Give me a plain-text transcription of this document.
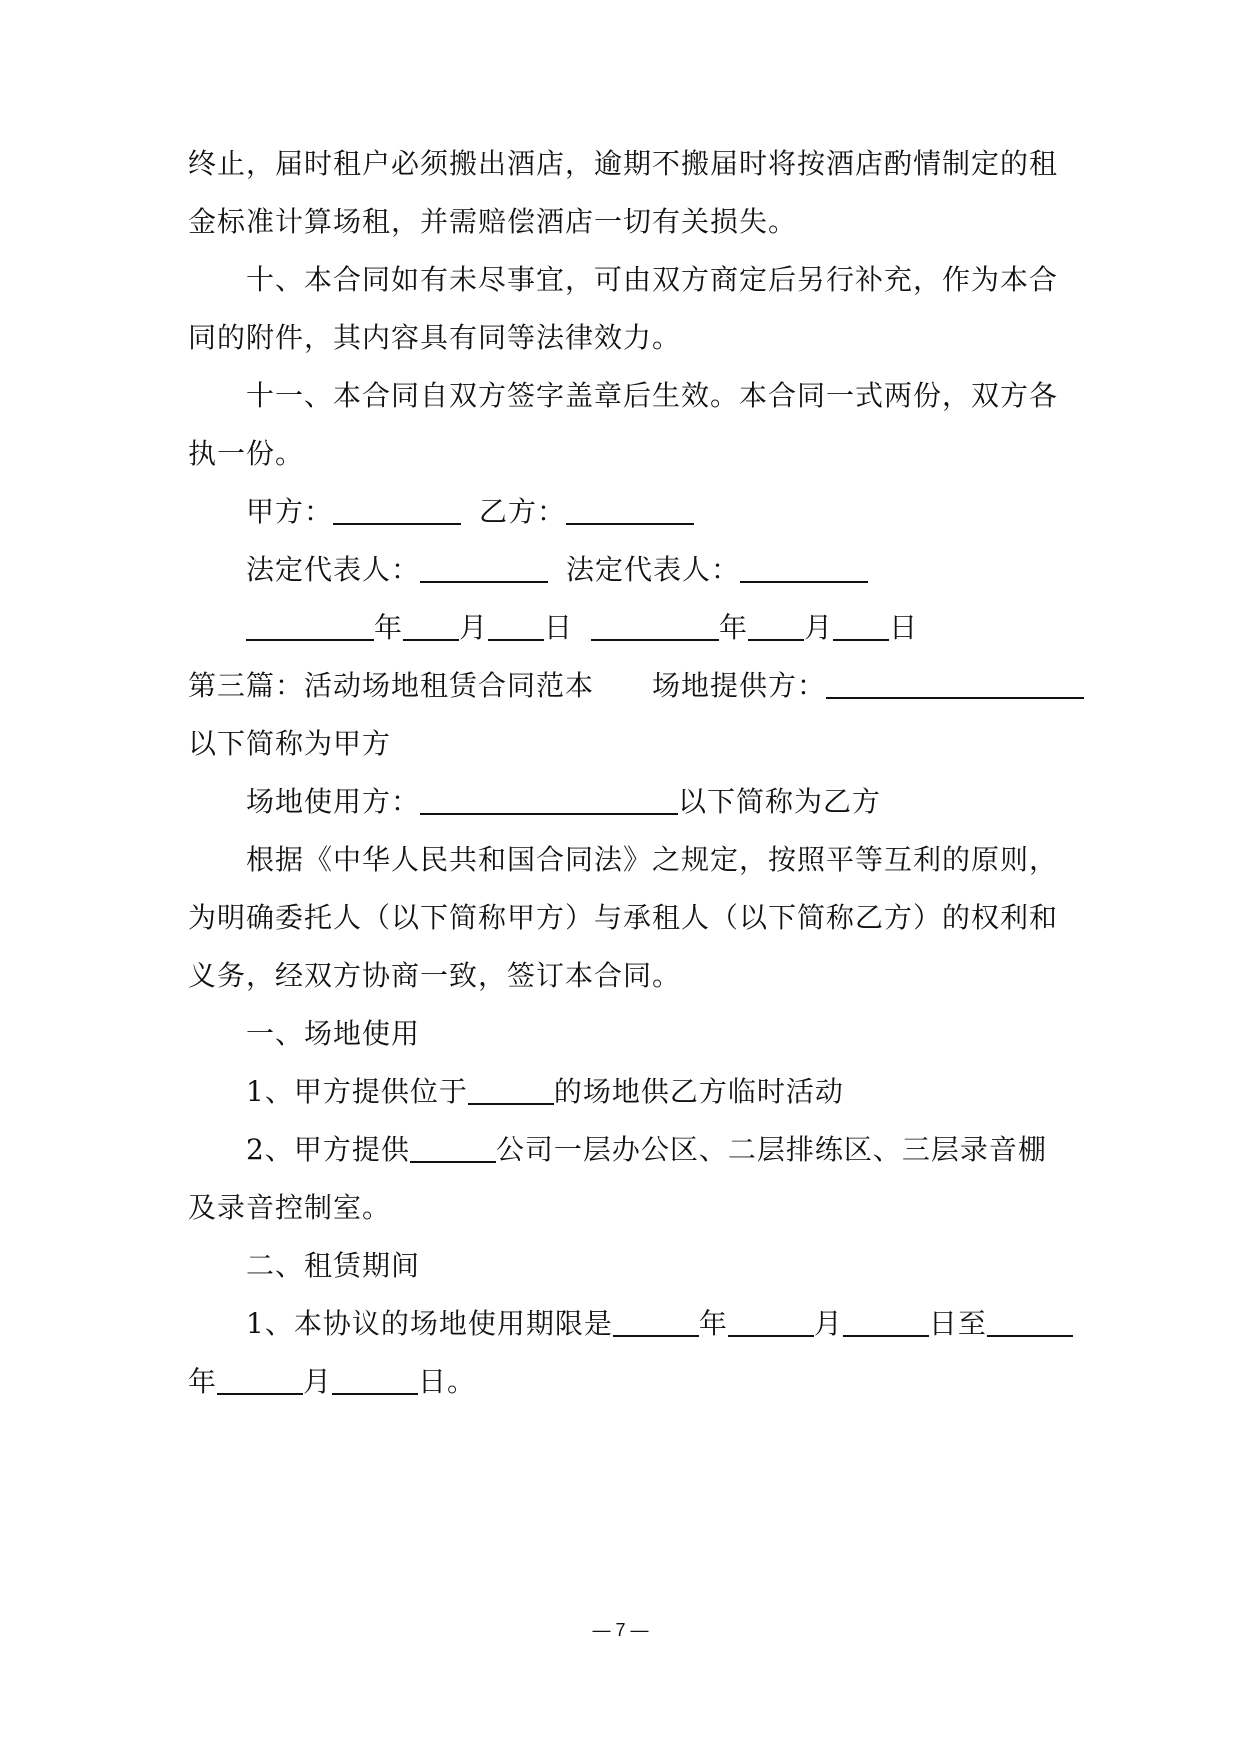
终止，届时租户必须搬出酒店，逾期不搬届时将按酒店酌情制定的租
金标准计算场租，并需赔偿酒店一切有关损失。
十、本合同如有未尽事宜，可由双方商定后另行补充，作为本合
同的附件，其内容具有同等法律效力。
十一、本合同自双方签字盖章后生效。本合同一式两份，双方各
执一份。
甲方：	乙方：
法定代表人：	法定代表人：
年 月 日	年 月 日
第三篇：活动场地租赁合同范本 场地提供方：
以下简称为甲方
场地使用方：	以下简称为乙方
根据《中华人民共和国合同法》之规定，按照平等互利的原则，
为明确委托人（以下简称甲方）与承租人（以下简称乙方）的权利和
义务，经双方协商一致，签订本合同。
一、场地使用
1、甲方提供位于	的场地供乙方临时活动
2、甲方提供	公司一层办公区、二层排练区、三层录音棚
及录音控制室。
二、租赁期间
1、本协议的场地使用期限是	年	月	日至
年	月	日。
— 7 —
